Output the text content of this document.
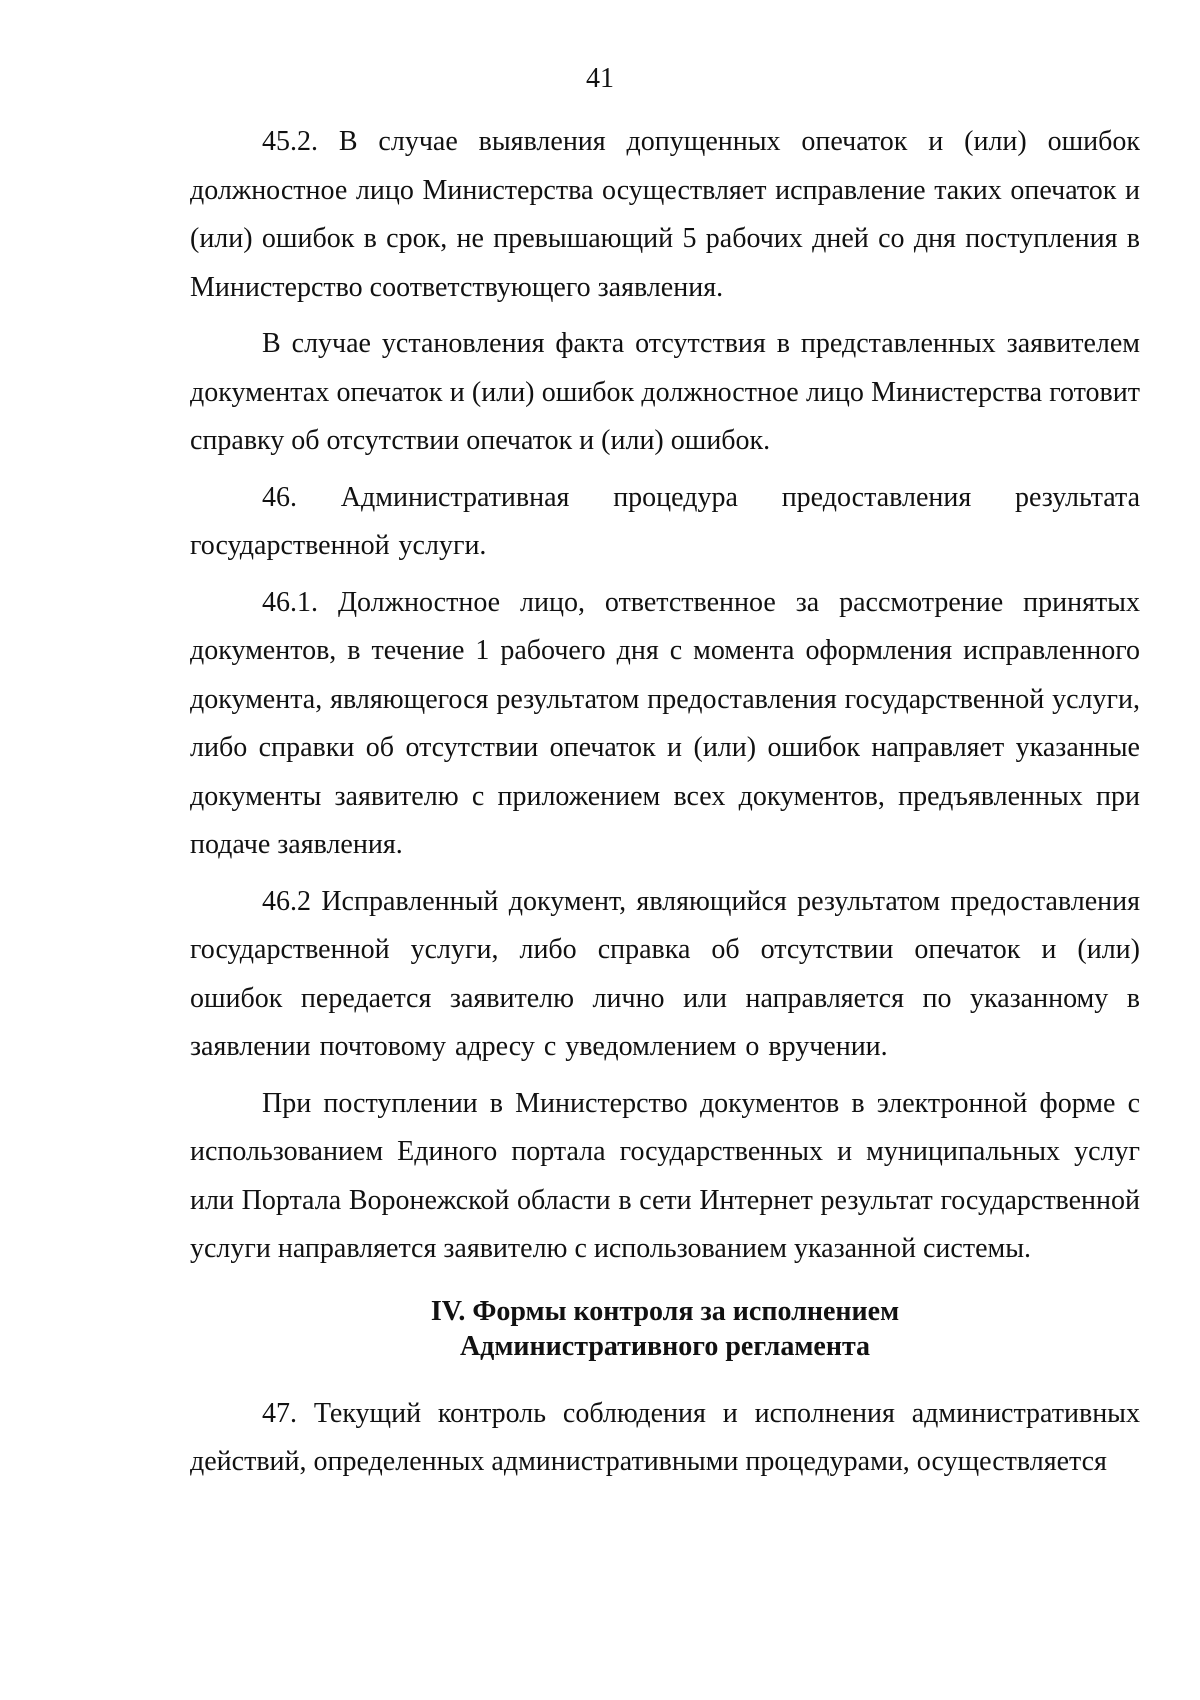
41

45.2. В случае выявления допущенных опечаток и (или) ошибок должностное лицо Министерства осуществляет исправление таких опечаток и (или) ошибок в срок, не превышающий 5 рабочих дней со дня поступления в Министерство соответствующего заявления.

В случае установления факта отсутствия в представленных заявителем документах опечаток и (или) ошибок должностное лицо Министерства готовит справку об отсутствии опечаток и (или) ошибок.

46. Административная процедура предоставления результата государственной услуги.

46.1. Должностное лицо, ответственное за рассмотрение принятых документов, в течение 1 рабочего дня с момента оформления исправленного документа, являющегося результатом предоставления государственной услуги, либо справки об отсутствии опечаток и (или) ошибок направляет указанные документы заявителю с приложением всех документов, предъявленных при подаче заявления.

46.2 Исправленный документ, являющийся результатом предоставления государственной услуги, либо справка об отсутствии опечаток и (или) ошибок передается заявителю лично или направляется по указанному в заявлении почтовому адресу с уведомлением о вручении.

При поступлении в Министерство документов в электронной форме с использованием Единого портала государственных и муниципальных услуг или Портала Воронежской области в сети Интернет результат государственной услуги направляется заявителю с использованием указанной системы.

IV. Формы контроля за исполнением
Административного регламента

47. Текущий контроль соблюдения и исполнения административных действий, определенных административными процедурами, осуществляется
